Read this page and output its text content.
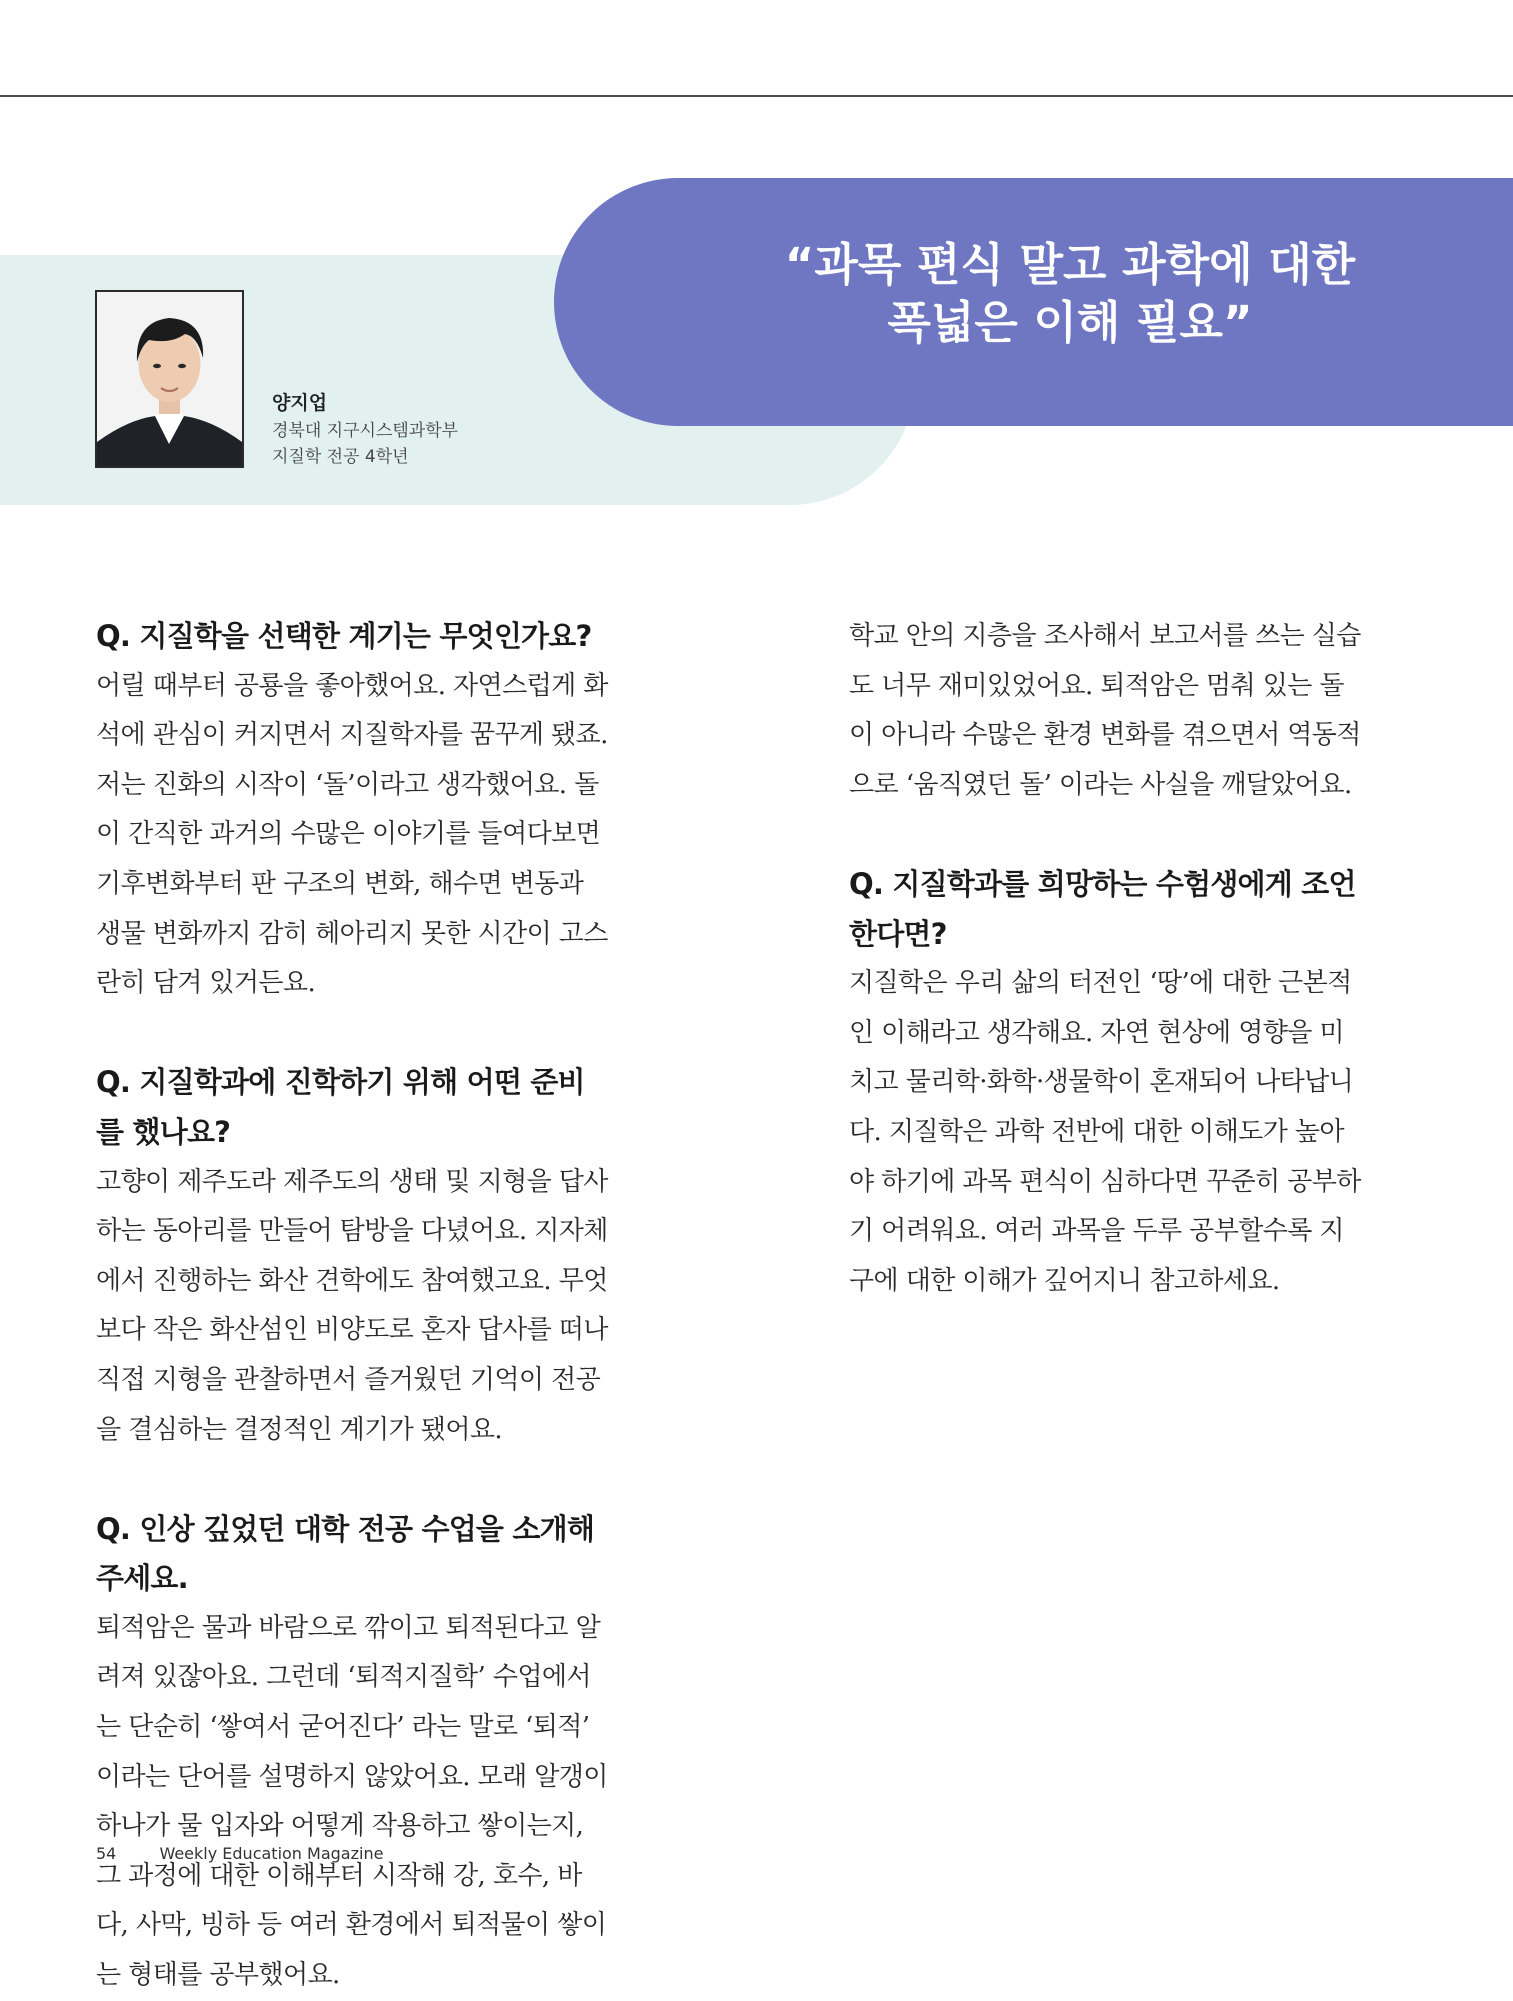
“과목 편식 말고 과학에 대한
폭넓은 이해 필요”
양지업
경북대 지구시스템과학부
지질학 전공 4학년

Q. 지질학을 선택한 계기는 무엇인가요?

어릴 때부터 공룡을 좋아했어요. 자연스럽게 화석에 관심이 커지면서 지질학자를 꿈꾸게 됐죠. 저는 진화의 시작이 ‘돌’이라고 생각했어요. 돌이 간직한 과거의 수많은 이야기를 들여다보면 기후변화부터 판 구조의 변화, 해수면 변동과 생물 변화까지 감히 헤아리지 못한 시간이 고스란히 담겨 있거든요.

Q. 지질학과에 진학하기 위해 어떤 준비를 했나요?

고향이 제주도라 제주도의 생태 및 지형을 답사하는 동아리를 만들어 탐방을 다녔어요. 지자체에서 진행하는 화산 견학에도 참여했고요. 무엇보다 작은 화산섬인 비양도로 혼자 답사를 떠나 직접 지형을 관찰하면서 즐거웠던 기억이 전공을 결심하는 결정적인 계기가 됐어요.

Q. 인상 깊었던 대학 전공 수업을 소개해 주세요.

퇴적암은 물과 바람으로 깎이고 퇴적된다고 알려져 있잖아요. 그런데 ‘퇴적지질학’ 수업에서는 단순히 ‘쌓여서 굳어진다’ 라는 말로 ‘퇴적’ 이라는 단어를 설명하지 않았어요. 모래 알갱이 하나가 물 입자와 어떻게 작용하고 쌓이는지, 그 과정에 대한 이해부터 시작해 강, 호수, 바다, 사막, 빙하 등 여러 환경에서 퇴적물이 쌓이는 형태를 공부했어요.

학교 안의 지층을 조사해서 보고서를 쓰는 실습도 너무 재미있었어요. 퇴적암은 멈춰 있는 돌이 아니라 수많은 환경 변화를 겪으면서 역동적으로 ‘움직였던 돌’ 이라는 사실을 깨달았어요.

Q. 지질학과를 희망하는 수험생에게 조언한다면?

지질학은 우리 삶의 터전인 ‘땅’에 대한 근본적인 이해라고 생각해요. 자연 현상에 영향을 미치고 물리학·화학·생물학이 혼재되어 나타납니다. 지질학은 과학 전반에 대한 이해도가 높아야 하기에 과목 편식이 심하다면 꾸준히 공부하기 어려워요. 여러 과목을 두루 공부할수록 지구에 대한 이해가 깊어지니 참고하세요.

54	Weekly Education Magazine
